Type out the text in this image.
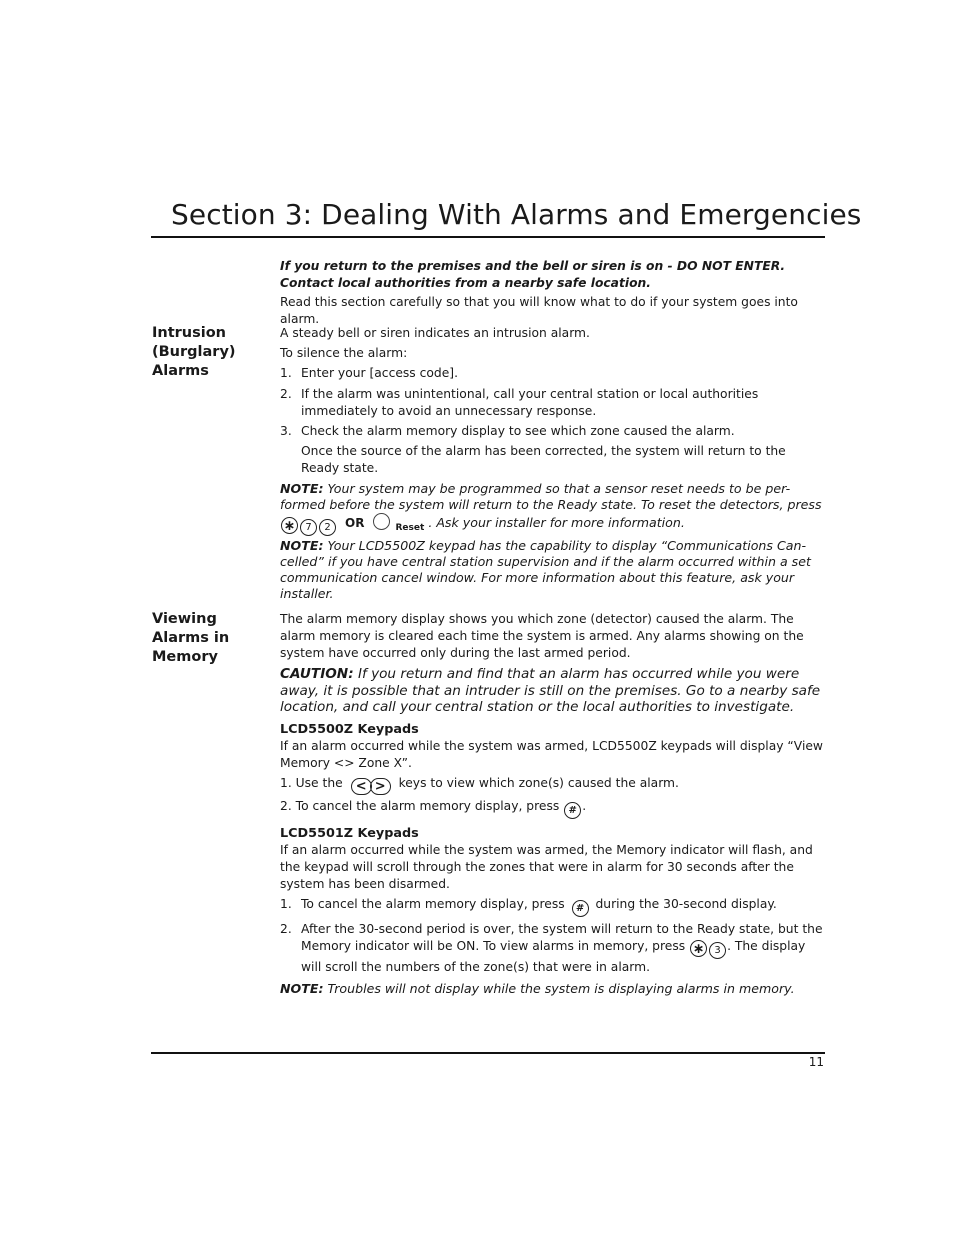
Section 3: Dealing With Alarms and Emergencies
If you return to the premises and the bell or siren is on - DO NOT ENTER. Contact local authorities from a nearby safe location.
Read this section carefully so that you will know what to do if your system goes into alarm.
Intrusion
(Burglary)
Alarms
A steady bell or siren indicates an intrusion alarm.
To silence the alarm:
1. Enter your [access code].
2. If the alarm was unintentional, call your central station or local authorities immediately to avoid an unnecessary response.
3. Check the alarm memory display to see which zone caused the alarm.
Once the source of the alarm has been corrected, the system will return to the Ready state.
NOTE: Your system may be programmed so that a sensor reset needs to be per-formed before the system will return to the Ready state. To reset the detectors, press ∗ 7 2 OR	$_{Reset}$ . Ask your installer for more information.
NOTE: Your LCD5500Z keypad has the capability to display “Communications Can-celled” if you have central station supervision and if the alarm occurred within a set communication cancel window. For more information about this feature, ask your installer.
Viewing
Alarms in
Memory
The alarm memory display shows you which zone (detector) caused the alarm. The alarm memory is cleared each time the system is armed. Any alarms showing on the system have occurred only during the last armed period.
CAUTION: If you return and find that an alarm has occurred while you were away, it is possible that an intruder is still on the premises. Go to a nearby safe location, and call your central station or the local authorities to investigate.
LCD5500Z Keypads
If an alarm occurred while the system was armed, LCD5500Z keypads will display “View Memory <> Zone X”.
1. Use the < > keys to view which zone(s) caused the alarm.
2. To cancel the alarm memory display, press # .
LCD5501Z Keypads
If an alarm occurred while the system was armed, the Memory indicator will flash, and the keypad will scroll through the zones that were in alarm for 30 seconds after the system has been disarmed.
1. To cancel the alarm memory display, press # during the 30-second display.
2. After the 30-second period is over, the system will return to the Ready state, but the Memory indicator will be ON. To view alarms in memory, press ∗ 3 . The display will scroll the numbers of the zone(s) that were in alarm.
NOTE: Troubles will not display while the system is displaying alarms in memory.
11
